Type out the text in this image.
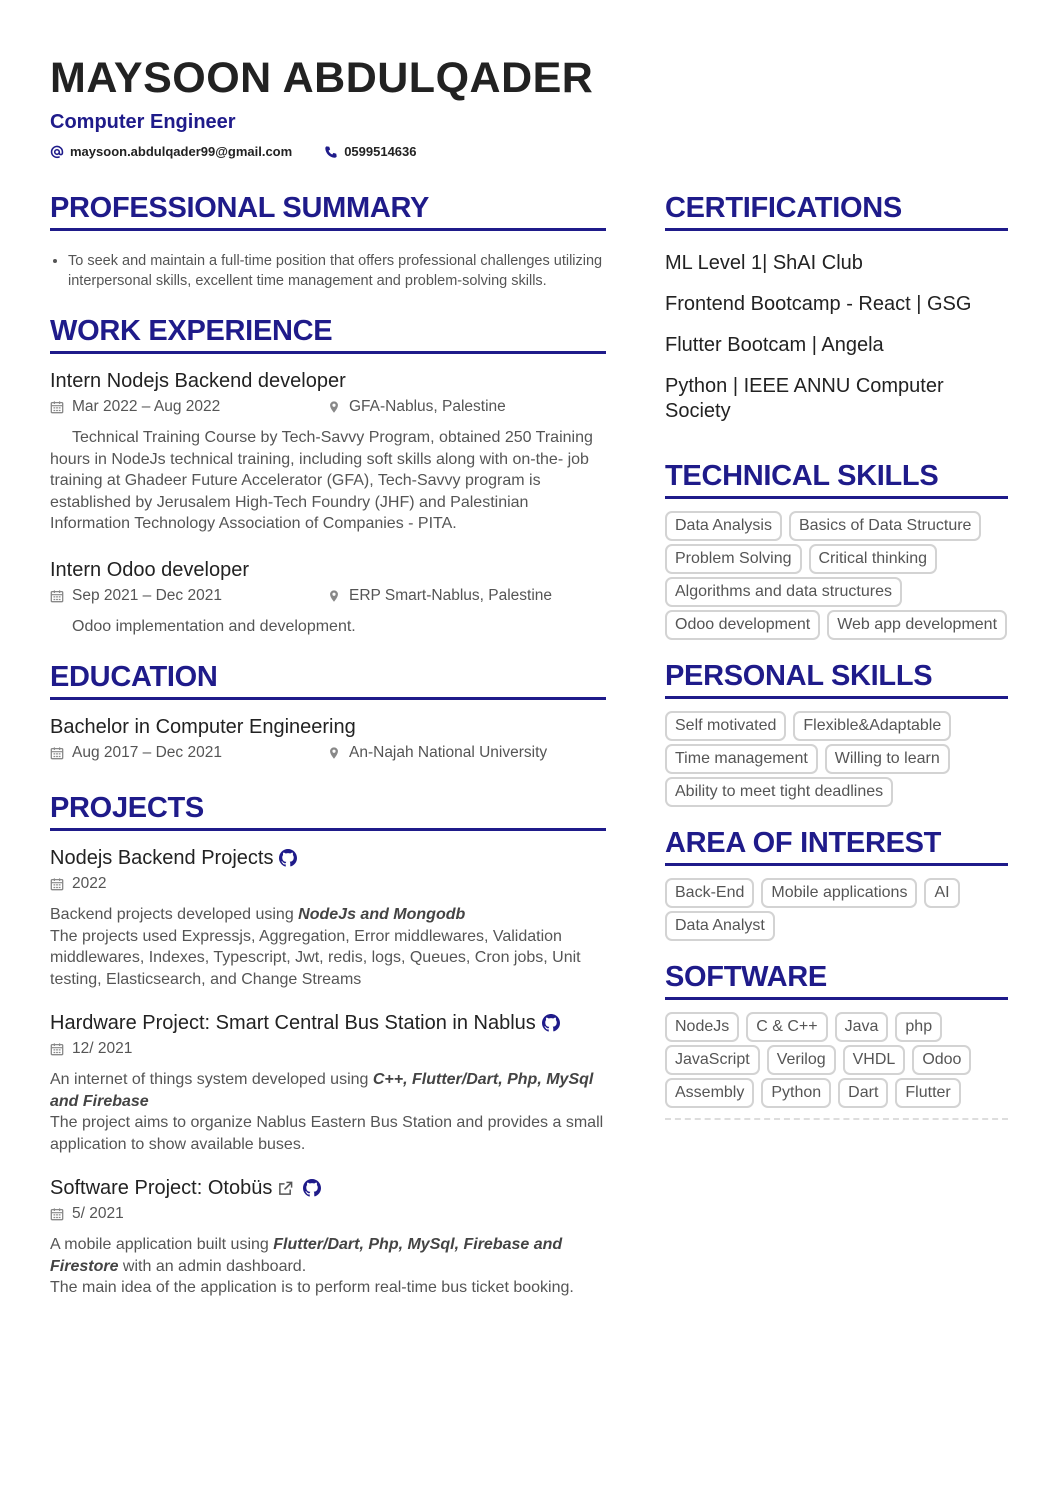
MAYSOON ABDULQADER
Computer Engineer
maysoon.abdulqader99@gmail.com	0599514636
PROFESSIONAL SUMMARY
• To seek and maintain a full-time position that offers professional challenges utilizing interpersonal skills, excellent time management and problem-solving skills.
WORK EXPERIENCE
Intern Nodejs Backend developer
Mar 2022 – Aug 2022	GFA-Nablus, Palestine
Technical Training Course by Tech-Savvy Program, obtained 250 Training hours in NodeJs technical training, including soft skills along with on-the- job training at Ghadeer Future Accelerator (GFA), Tech-Savvy program is established by Jerusalem High-Tech Foundry (JHF) and Palestinian Information Technology Association of Companies - PITA.
Intern Odoo developer
Sep 2021 – Dec 2021	ERP Smart-Nablus, Palestine
Odoo implementation and development.
EDUCATION
Bachelor in Computer Engineering
Aug 2017 – Dec 2021	An-Najah National University
PROJECTS
Nodejs Backend Projects
2022
Backend projects developed using NodeJs and Mongodb
The projects used Expressjs, Aggregation, Error middlewares, Validation middlewares, Indexes, Typescript, Jwt, redis, logs, Queues, Cron jobs, Unit testing, Elasticsearch, and Change Streams
Hardware Project: Smart Central Bus Station in Nablus
12/ 2021
An internet of things system developed using C++, Flutter/Dart, Php, MySql and Firebase
The project aims to organize Nablus Eastern Bus Station and provides a small application to show available buses.
Software Project: Otobüs
5/ 2021
A mobile application built using Flutter/Dart, Php, MySql, Firebase and Firestore with an admin dashboard.
The main idea of the application is to perform real-time bus ticket booking.
CERTIFICATIONS
ML Level 1| ShAI Club
Frontend Bootcamp - React | GSG
Flutter Bootcam | Angela
Python | IEEE ANNU Computer Society
TECHNICAL SKILLS
Data Analysis	Basics of Data Structure
Problem Solving	Critical thinking
Algorithms and data structures
Odoo development	Web app development
PERSONAL SKILLS
Self motivated	Flexible&Adaptable
Time management	Willing to learn
Ability to meet tight deadlines
AREA OF INTEREST
Back-End	Mobile applications	AI
Data Analyst
SOFTWARE
NodeJs	C & C++	Java	php
JavaScript	Verilog	VHDL	Odoo
Assembly	Python	Dart	Flutter
